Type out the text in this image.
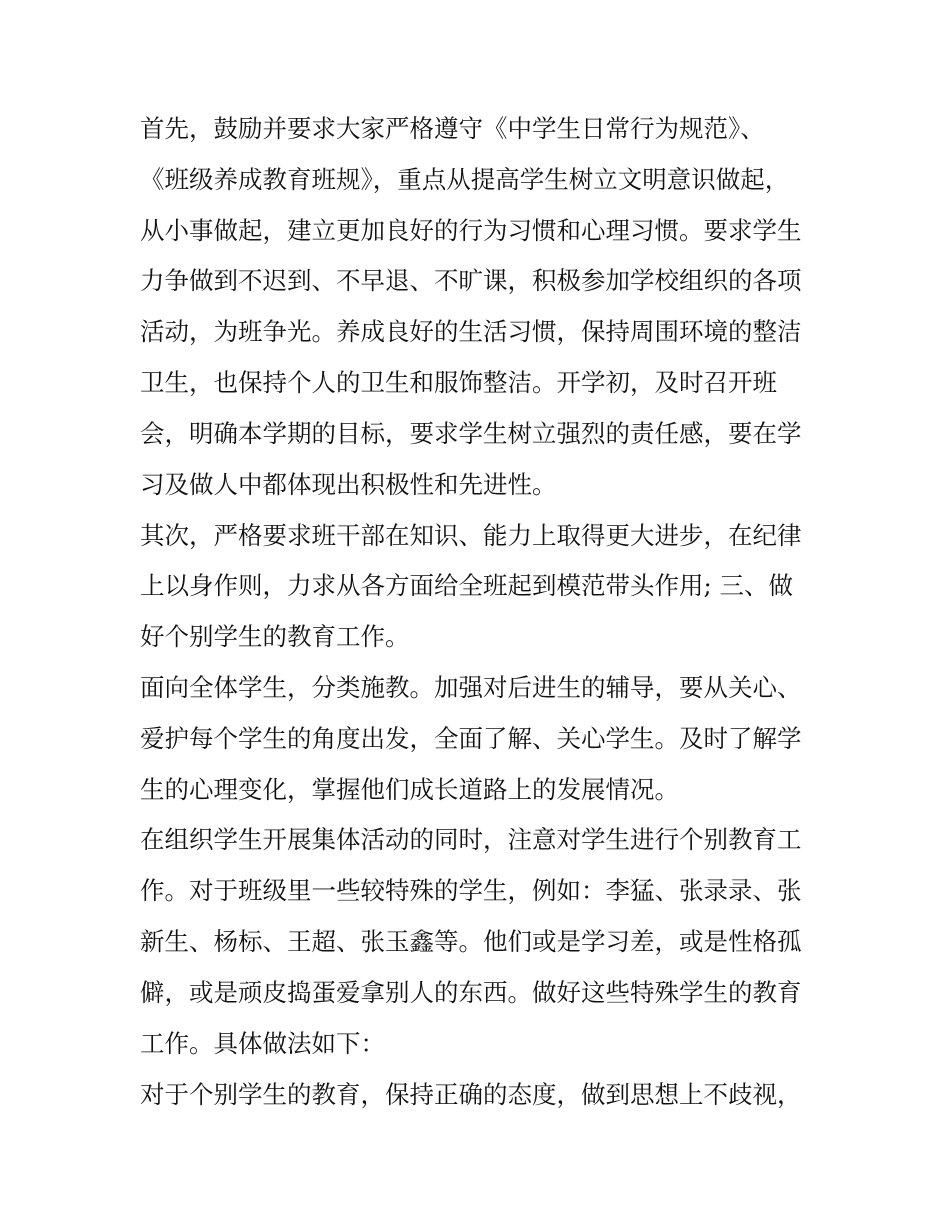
首先，鼓励并要求大家严格遵守《中学生日常行为规范》、
《班级养成教育班规》，重点从提高学生树立文明意识做起，
从小事做起，建立更加良好的行为习惯和心理习惯。要求学生
力争做到不迟到、不早退、不旷课，积极参加学校组织的各项
活动，为班争光。养成良好的生活习惯，保持周围环境的整洁
卫生，也保持个人的卫生和服饰整洁。开学初，及时召开班
会，明确本学期的目标，要求学生树立强烈的责任感，要在学
习及做人中都体现出积极性和先进性。
其次，严格要求班干部在知识、能力上取得更大进步，在纪律
上以身作则，力求从各方面给全班起到模范带头作用; 三、做
好个别学生的教育工作。
面向全体学生，分类施教。加强对后进生的辅导，要从关心、
爱护每个学生的角度出发，全面了解、关心学生。及时了解学
生的心理变化，掌握他们成长道路上的发展情况。
在组织学生开展集体活动的同时，注意对学生进行个别教育工
作。对于班级里一些较特殊的学生，例如：李猛、张录录、张
新生、杨标、王超、张玉鑫等。他们或是学习差，或是性格孤
僻，或是顽皮捣蛋爱拿别人的东西。做好这些特殊学生的教育
工作。具体做法如下：
对于个别学生的教育，保持正确的态度，做到思想上不歧视，
